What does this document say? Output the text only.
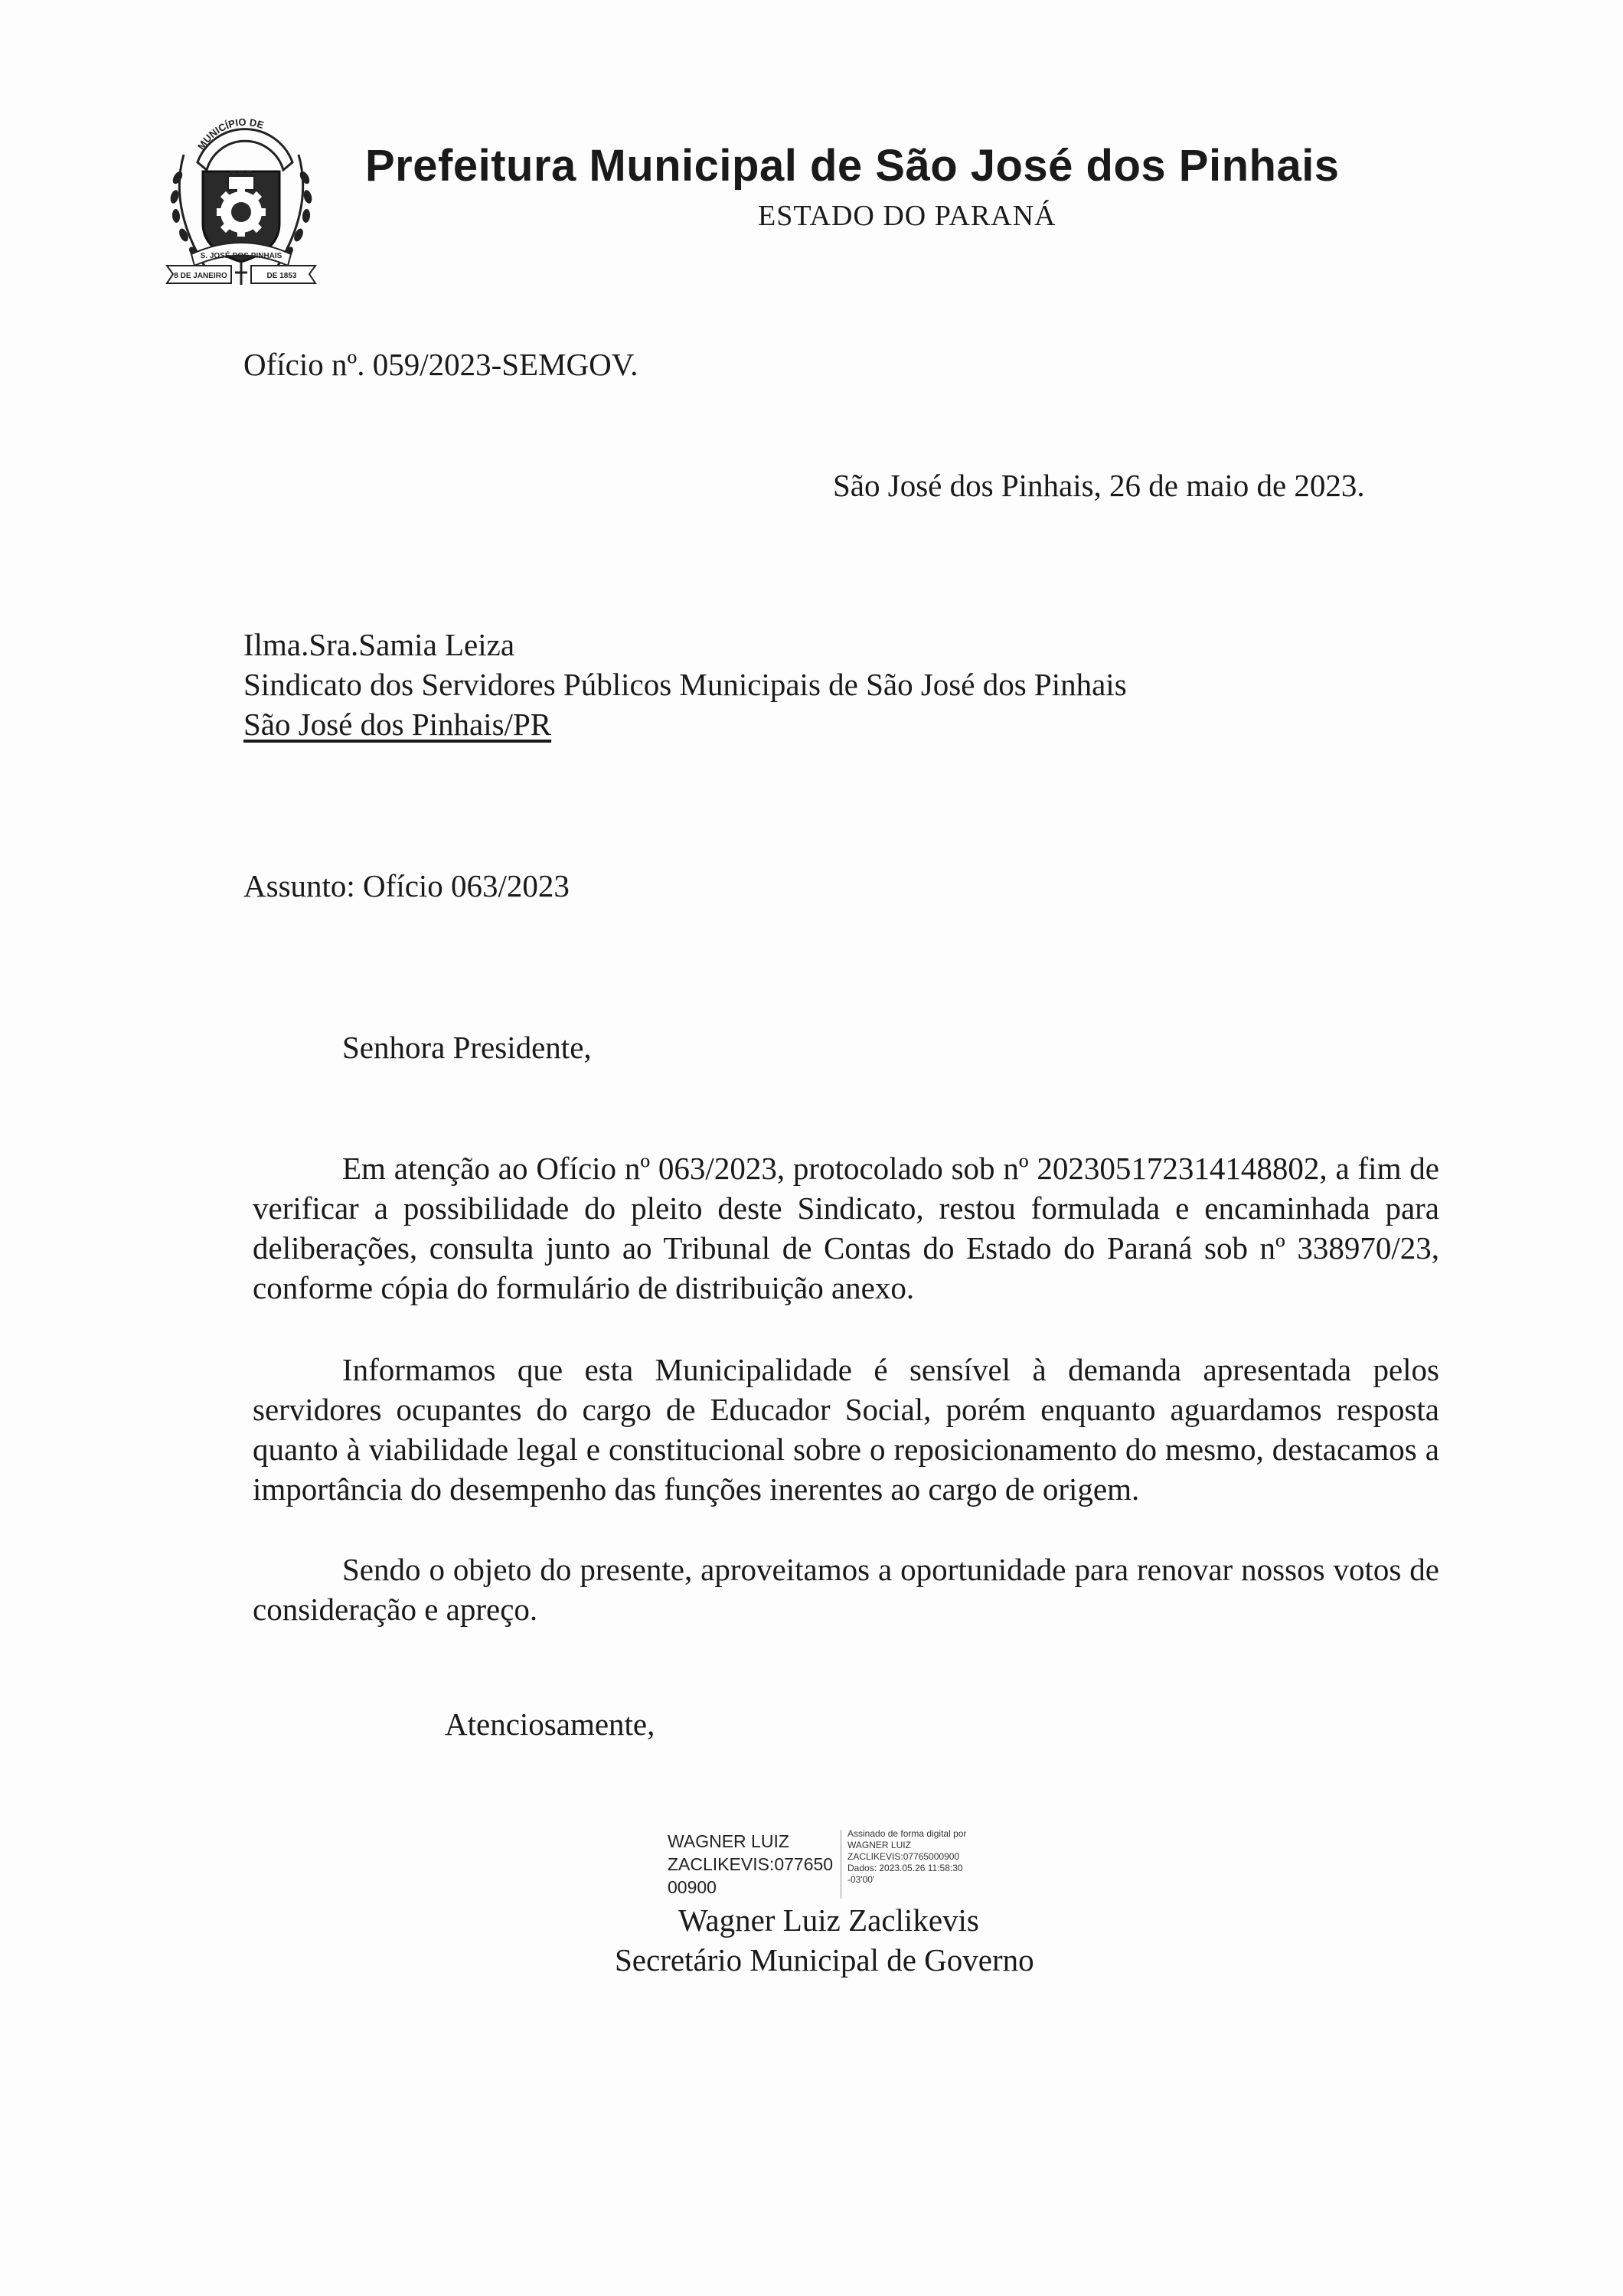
MUNICÍPIO DE
S. JOSÉ DOS PINHAIS
8 DE JANEIRO	DE 1853
Prefeitura Municipal de São José dos Pinhais
ESTADO DO PARANÁ
Ofício nº. 059/2023-SEMGOV.
São José dos Pinhais, 26 de maio de 2023.
Ilma.Sra.Samia Leiza
Sindicato dos Servidores Públicos Municipais de São José dos Pinhais
São José dos Pinhais/PR
Assunto: Ofício 063/2023
Senhora Presidente,
Em atenção ao Ofício nº 063/2023, protocolado sob nº 202305172314148802, a fim de verificar a possibilidade do pleito deste Sindicato, restou formulada e encaminhada para deliberações, consulta junto ao Tribunal de Contas do Estado do Paraná sob nº 338970/23, conforme cópia do formulário de distribuição anexo.
Informamos que esta Municipalidade é sensível à demanda apresentada pelos servidores ocupantes do cargo de Educador Social, porém enquanto aguardamos resposta quanto à viabilidade legal e constitucional sobre o reposicionamento do mesmo, destacamos a importância do desempenho das funções inerentes ao cargo de origem.
Sendo o objeto do presente, aproveitamos a oportunidade para renovar nossos votos de consideração e apreço.
Atenciosamente,
WAGNER LUIZ
ZACLIKEVIS:077650
00900
Assinado de forma digital por
WAGNER LUIZ
ZACLIKEVIS:07765000900
Dados: 2023.05.26 11:58:30
-03'00'
Wagner Luiz Zaclikevis
Secretário Municipal de Governo
